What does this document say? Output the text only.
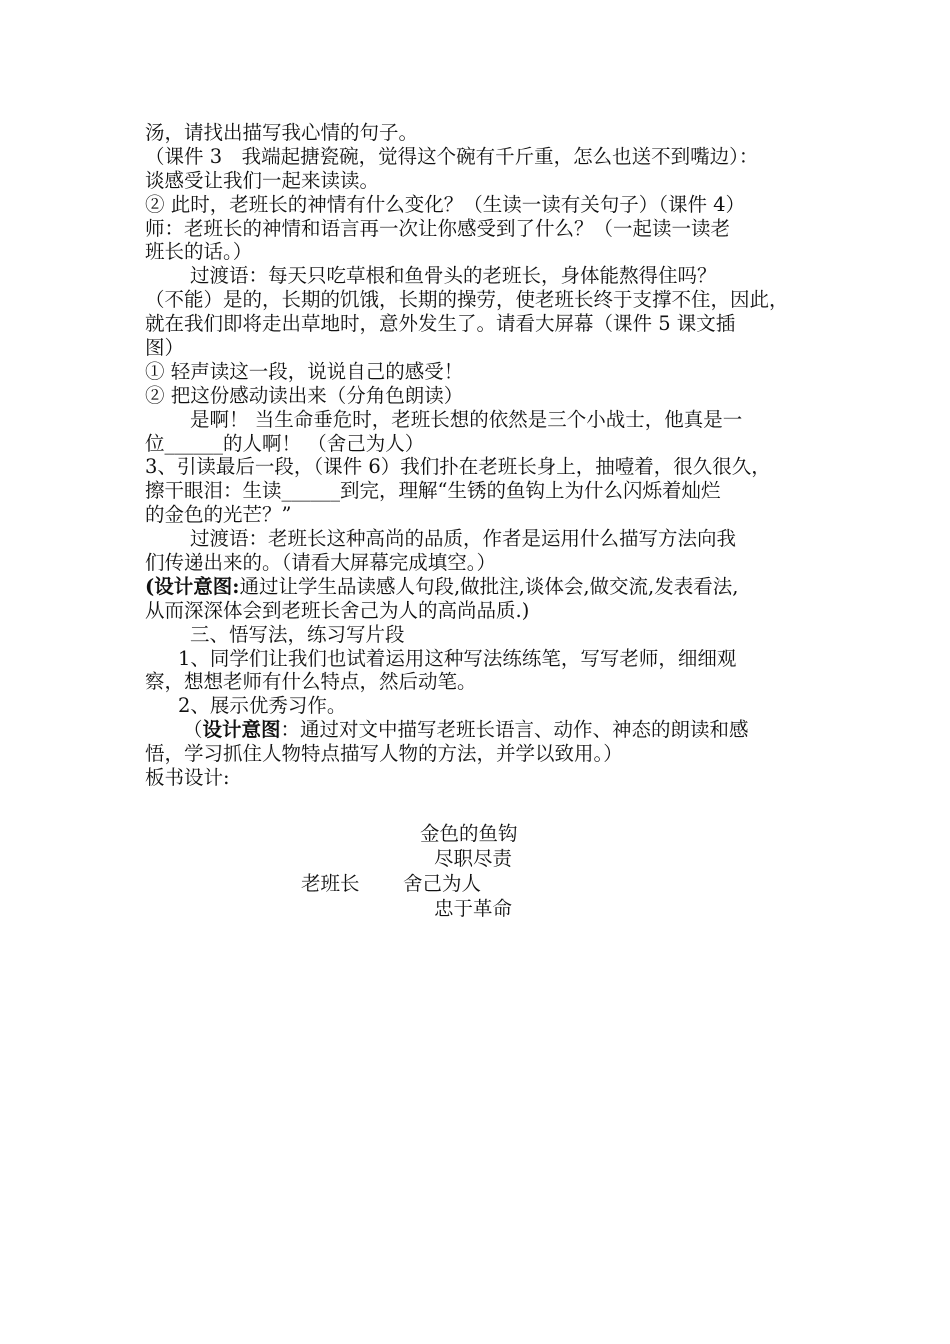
汤，请找出描写我心情的句子。
（课件 3　我端起搪瓷碗，觉得这个碗有千斤重，怎么也送不到嘴边）：
谈感受让我们一起来读读。
② 此时，老班长的神情有什么变化？（生读一读有关句子）（课件 4）
师：老班长的神情和语言再一次让你感受到了什么？（一起读一读老
班长的话。）
过渡语：每天只吃草根和鱼骨头的老班长，身体能熬得住吗？
（不能）是的，长期的饥饿，长期的操劳，使老班长终于支撑不住，因此，
就在我们即将走出草地时，意外发生了。请看大屏幕（课件 5 课文插
图）
① 轻声读这一段，说说自己的感受！
② 把这份感动读出来（分角色朗读）
是啊！ 当生命垂危时，老班长想的依然是三个小战士，他真是一
位______的人啊！ （舍己为人）
3、引读最后一段，（课件 6）我们扑在老班长身上，抽噎着，很久很久，
擦干眼泪：生读______到完，理解“生锈的鱼钩上为什么闪烁着灿烂
的金色的光芒？”
过渡语：老班长这种高尚的品质，作者是运用什么描写方法向我
们传递出来的。（请看大屏幕完成填空。）
(设计意图:通过让学生品读感人句段,做批注,谈体会,做交流,发表看法,
从而深深体会到老班长舍己为人的高尚品质.)
三、悟写法，练习写片段
1、同学们让我们也试着运用这种写法练练笔，写写老师，细细观
察，想想老师有什么特点，然后动笔。
2、展示优秀习作。
（设计意图：通过对文中描写老班长语言、动作、神态的朗读和感
悟，学习抓住人物特点描写人物的方法，并学以致用。）
板书设计:
金色的鱼钩
尽职尽责
老班长 舍己为人
忠于革命
